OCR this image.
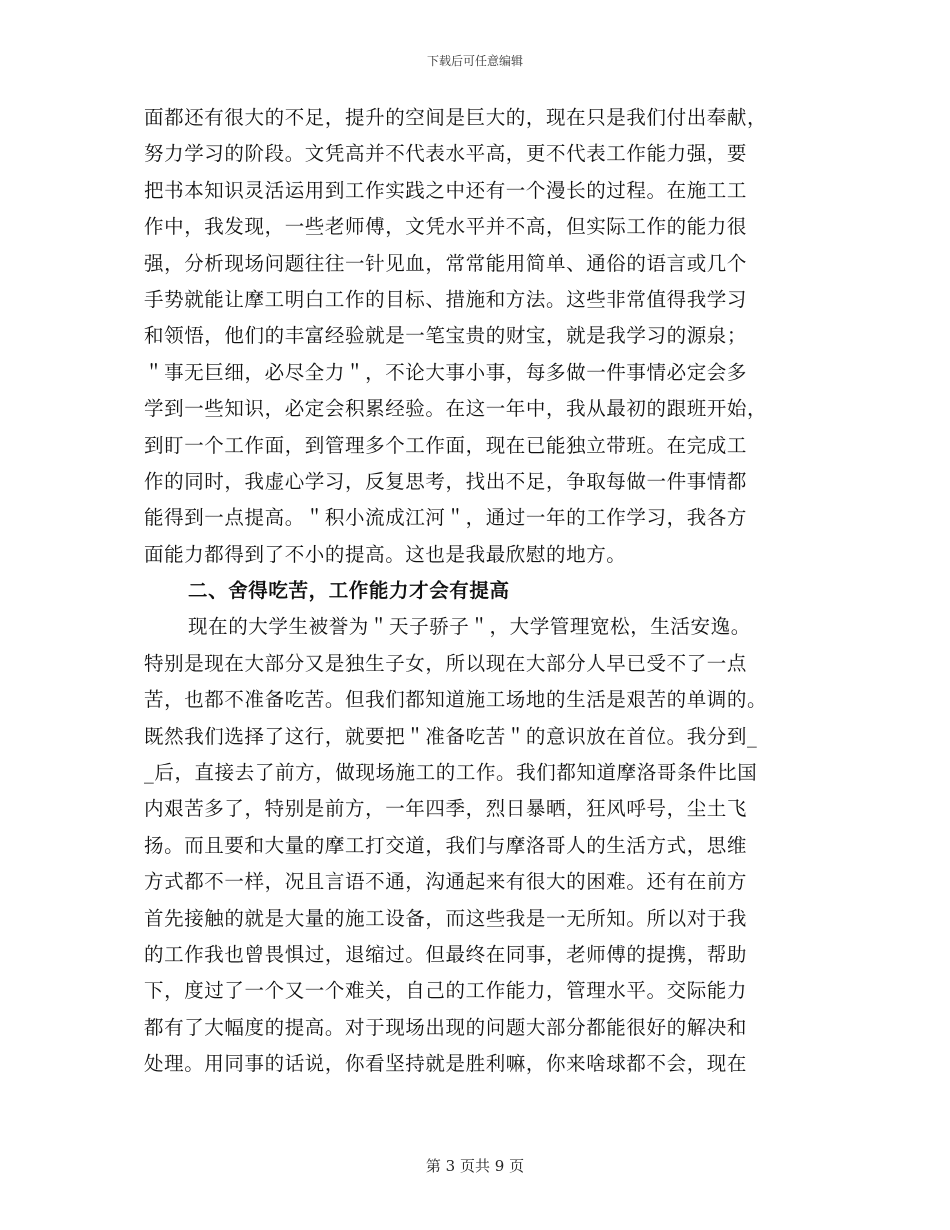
下载后可任意编辑
面都还有很大的不足，提升的空间是巨大的，现在只是我们付出奉献，
努力学习的阶段。文凭高并不代表水平高，更不代表工作能力强，要
把书本知识灵活运用到工作实践之中还有一个漫长的过程。在施工工
作中，我发现，一些老师傅，文凭水平并不高，但实际工作的能力很
强，分析现场问题往往一针见血，常常能用简单、通俗的语言或几个
手势就能让摩工明白工作的目标、措施和方法。这些非常值得我学习
和领悟，他们的丰富经验就是一笔宝贵的财宝，就是我学习的源泉；
＂事无巨细，必尽全力＂，不论大事小事，每多做一件事情必定会多
学到一些知识，必定会积累经验。在这一年中，我从最初的跟班开始，
到盯一个工作面，到管理多个工作面，现在已能独立带班。在完成工
作的同时，我虚心学习，反复思考，找出不足，争取每做一件事情都
能得到一点提高。＂积小流成江河＂，通过一年的工作学习，我各方
面能力都得到了不小的提高。这也是我最欣慰的地方。
二、舍得吃苦，工作能力才会有提高
现在的大学生被誉为＂天子骄子＂，大学管理宽松，生活安逸。
特别是现在大部分又是独生子女，所以现在大部分人早已受不了一点
苦，也都不准备吃苦。但我们都知道施工场地的生活是艰苦的单调的。
既然我们选择了这行，就要把＂准备吃苦＂的意识放在首位。我分到_
_后，直接去了前方，做现场施工的工作。我们都知道摩洛哥条件比国
内艰苦多了，特别是前方，一年四季，烈日暴晒，狂风呼号，尘土飞
扬。而且要和大量的摩工打交道，我们与摩洛哥人的生活方式，思维
方式都不一样，况且言语不通，沟通起来有很大的困难。还有在前方
首先接触的就是大量的施工设备，而这些我是一无所知。所以对于我
的工作我也曾畏惧过，退缩过。但最终在同事，老师傅的提携，帮助
下，度过了一个又一个难关，自己的工作能力，管理水平。交际能力
都有了大幅度的提高。对于现场出现的问题大部分都能很好的解决和
处理。用同事的话说，你看坚持就是胜利嘛，你来啥球都不会，现在
第 3 页共 9 页
